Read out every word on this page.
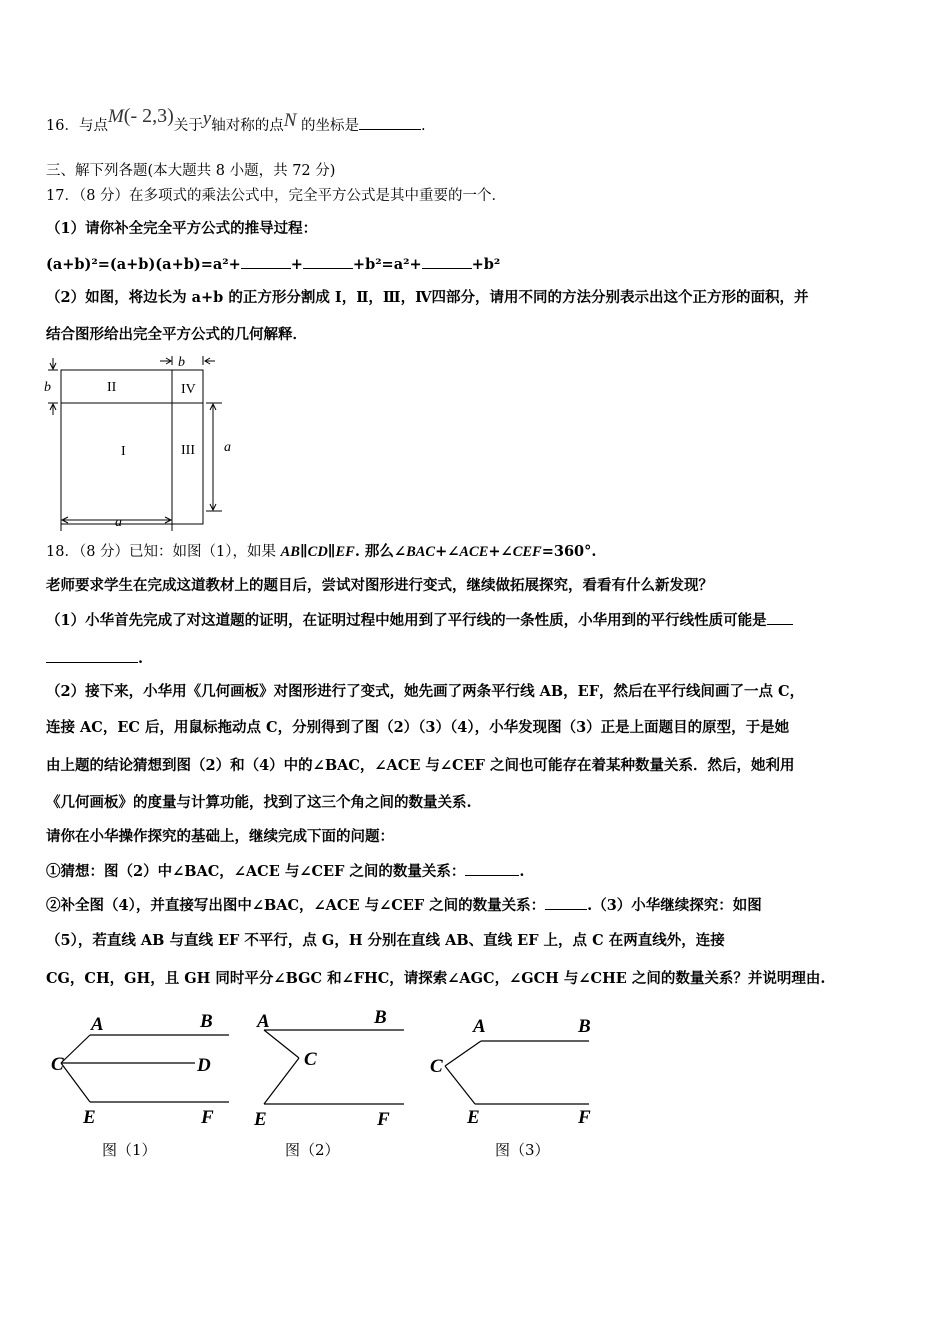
16．与点M(- 2,3)关于y轴对称的点N 的坐标是	.
三、解下列各题(本大题共 8 小题，共 72 分)
17．（8 分）在多项式的乘法公式中，完全平方公式是其中重要的一个．
（1）请你补全完全平方公式的推导过程：
(a+b)²=(a+b)(a+b)=a²+	+	+b²=a²+	+b²
（2）如图，将边长为 a+b 的正方形分割成 I，Ⅱ，Ⅲ，Ⅳ四部分，请用不同的方法分别表示出这个正方形的面积，并
结合图形给出完全平方公式的几何解释．
b
b
a
a
I
II
III
IV
18．（8 分）已知：如图（1），如果 AB∥CD∥EF. 那么∠BAC+∠ACE+∠CEF=360°.
老师要求学生在完成这道教材上的题目后，尝试对图形进行变式，继续做拓展探究，看看有什么新发现？
（1）小华首先完成了对这道题的证明，在证明过程中她用到了平行线的一条性质，小华用到的平行线性质可能是
.
（2）接下来，小华用《几何画板》对图形进行了变式，她先画了两条平行线 AB，EF，然后在平行线间画了一点 C，
连接 AC，EC 后，用鼠标拖动点 C，分别得到了图（2）（3）（4），小华发现图（3）正是上面题目的原型，于是她
由上题的结论猜想到图（2）和（4）中的∠BAC，∠ACE 与∠CEF 之间也可能存在着某种数量关系．然后，她利用
《几何画板》的度量与计算功能，找到了这三个角之间的数量关系.
请你在小华操作探究的基础上，继续完成下面的问题：
①猜想：图（2）中∠BAC，∠ACE 与∠CEF 之间的数量关系：	.
②补全图（4），并直接写出图中∠BAC，∠ACE 与∠CEF 之间的数量关系：	.（3）小华继续探究：如图
（5），若直线 AB 与直线 EF 不平行，点 G，H 分别在直线 AB、直线 EF 上，点 C 在两直线外，连接
CG，CH，GH，且 GH 同时平分∠BGC 和∠FHC，请探索∠AGC，∠GCH 与∠CHE 之间的数量关系？并说明理由.
A	B
C	D
E	F
图（1）
A	B
C
E	F
图（2）
A	B
C
E	F
图（3）
